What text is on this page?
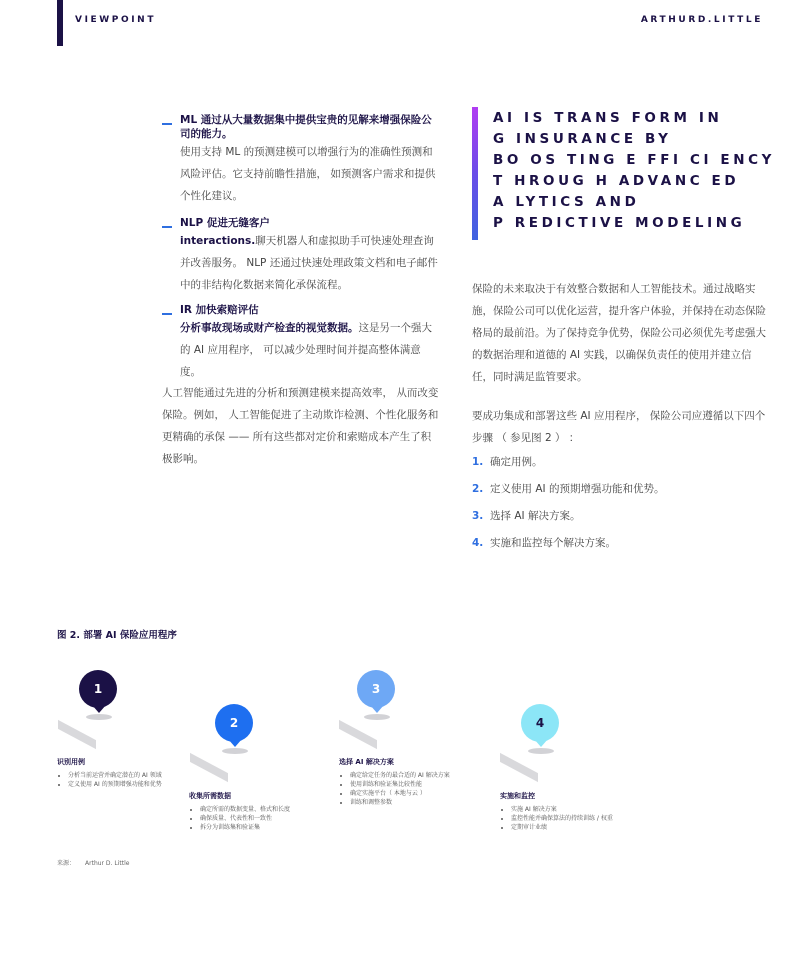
VIEWPOINT	ARTHURD.LITTLE
ML 通过从大量数据集中提供宝贵的见解来增强保险公司的能力。
使用支持 ML 的预测建模可以增强行为的准确性预测和风险评估。它支持前瞻性措施， 如预测客户需求和提供个性化建议。
NLP 促进无缝客户
interactions.聊天机器人和虚拟助手可快速处理查询并改善服务。 NLP 还通过快速处理政策文档和电子邮件中的非结构化数据来简化承保流程。
IR 加快索赔评估
分析事故现场或财产检查的视觉数据。这是另一个强大的 AI 应用程序， 可以减少处理时间并提高整体满意度。
人工智能通过先进的分析和预测建模来提高效率， 从而改变保险。例如， 人工智能促进了主动欺诈检测、个性化服务和更精确的承保 —— 所有这些都对定价和索赔成本产生了积极影响。
AI IS TRANS FORM IN
G INSURANCE BY
BO OS TING E FFI CI ENCY
T HROUG H ADVANC ED
A LYTICS AND
P REDICTIVE MODELING
保险的未来取决于有效整合数据和人工智能技术。通过战略实施，保险公司可以优化运营，提升客户体验，并保持在动态保险格局的最前沿。为了保持竞争优势，保险公司必须优先考虑强大的数据治理和道德的 AI 实践，以确保负责任的使用并建立信任，同时满足监管要求。
要成功集成和部署这些 AI 应用程序， 保险公司应遵循以下四个步骤 （ 参见图 2 ） ：
1. 确定用例。
2. 定义使用 AI 的预期增强功能和优势。
3. 选择 AI 解决方案。
4. 实施和监控每个解决方案。
图 2. 部署 AI 保险应用程序
1
识别用例
• 分析当前运营并确定潜在的 AI 领域
• 定义使用 AI 的预期增强功能和优势
2
收集所需数据
• 确定所需的数据变量、格式和长度
• 确保质量、代表性和一致性
• 拆分为训练集和验证集
3
选择 AI 解决方案
• 确定给定任务的最合适的 AI 解决方案
• 使用训练和验证集比较性能
• 确定实施平台（ 本地与云 ）
• 训练和调整参数
4
实施和监控
• 实施 AI 解决方案
• 监控性能并确保算法的持续训练 / 权重
• 定期审计业绩
来源： Arthur D. Little
